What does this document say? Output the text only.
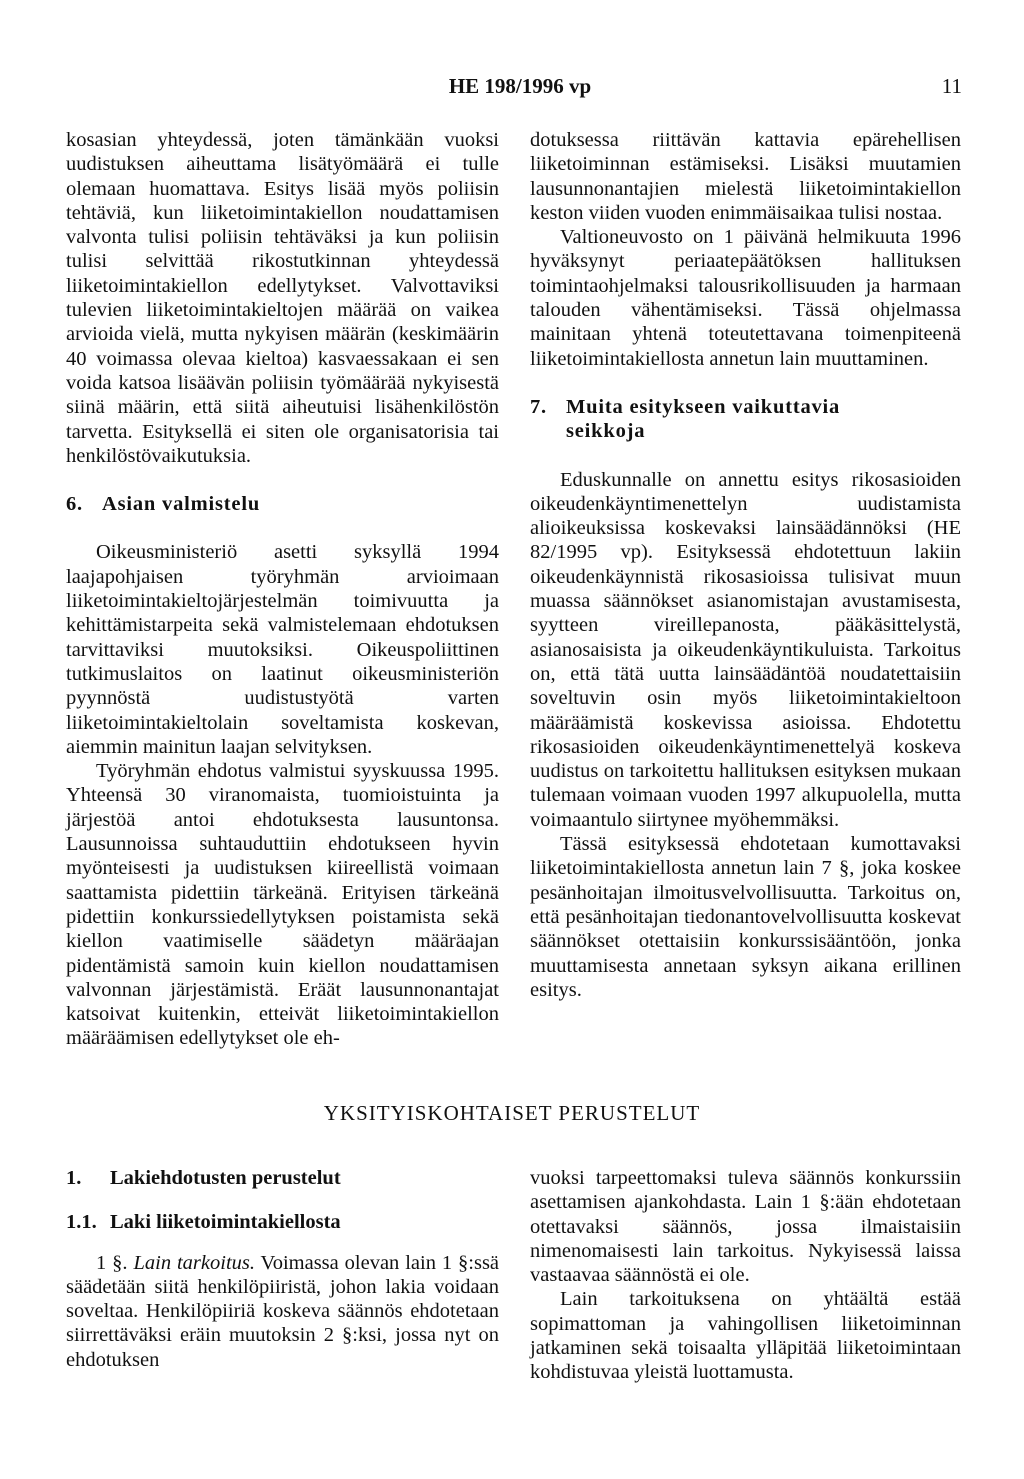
HE 198/1996 vp	11

kosasian yhteydessä, joten tämänkään vuoksi uudistuksen aiheuttama lisätyömäärä ei tulle olemaan huomattava. Esitys lisää myös poliisin tehtäviä, kun liiketoimintakiellon noudattamisen valvonta tulisi poliisin tehtäväksi ja kun poliisin tulisi selvittää rikostutkinnan yhteydessä liiketoimintakiellon edellytykset. Valvottaviksi tulevien liiketoimintakieltojen määrää on vaikea arvioida vielä, mutta nykyisen määrän (keskimäärin 40 voimassa olevaa kieltoa) kasvaessakaan ei sen voida katsoa lisäävän poliisin työmäärää nykyisestä siinä määrin, että siitä aiheutuisi lisähenkilöstön tarvetta. Esityksellä ei siten ole organisatorisia tai henkilöstövaikutuksia.

6. Asian valmistelu

Oikeusministeriö asetti syksyllä 1994 laajapohjaisen työryhmän arvioimaan liiketoimintakieltojärjestelmän toimivuutta ja kehittämistarpeita sekä valmistelemaan ehdotuksen tarvittaviksi muutoksiksi. Oikeuspoliittinen tutkimuslaitos on laatinut oikeusministeriön pyynnöstä uudistustyötä varten liiketoimintakieltolain soveltamista koskevan, aiemmin mainitun laajan selvityksen.

Työryhmän ehdotus valmistui syyskuussa 1995. Yhteensä 30 viranomaista, tuomioistuinta ja järjestöä antoi ehdotuksesta lausuntonsa. Lausunnoissa suhtauduttiin ehdotukseen hyvin myönteisesti ja uudistuksen kiireellistä voimaan saattamista pidettiin tärkeänä. Erityisen tärkeänä pidettiin konkurssiedellytyksen poistamista sekä kiellon vaatimiselle säädetyn määräajan pidentämistä samoin kuin kiellon noudattamisen valvonnan järjestämistä. Eräät lausunnonantajat katsoivat kuitenkin, etteivät liiketoimintakiellon määräämisen edellytykset ole eh-

dotuksessa riittävän kattavia epärehellisen liiketoiminnan estämiseksi. Lisäksi muutamien lausunnonantajien mielestä liiketoimintakiellon keston viiden vuoden enimmäisaikaa tulisi nostaa.

Valtioneuvosto on 1 päivänä helmikuuta 1996 hyväksynyt periaatepäätöksen hallituksen toimintaohjelmaksi talousrikollisuuden ja harmaan talouden vähentämiseksi. Tässä ohjelmassa mainitaan yhtenä toteutettavana toimenpiteenä liiketoimintakiellosta annetun lain muuttaminen.

7. Muita esitykseen vaikuttavia
seikkoja

Eduskunnalle on annettu esitys rikosasioiden oikeudenkäyntimenettelyn uudistamista alioikeuksissa koskevaksi lainsäädännöksi (HE 82/1995 vp). Esityksessä ehdotettuun lakiin oikeudenkäynnistä rikosasioissa tulisivat muun muassa säännökset asianomistajan avustamisesta, syytteen vireillepanosta, pääkäsittelystä, asianosaisista ja oikeudenkäyntikuluista. Tarkoitus on, että tätä uutta lainsäädäntöä noudatettaisiin soveltuvin osin myös liiketoimintakieltoon määräämistä koskevissa asioissa. Ehdotettu rikosasioiden oikeudenkäyntimenettelyä koskeva uudistus on tarkoitettu hallituksen esityksen mukaan tulemaan voimaan vuoden 1997 alkupuolella, mutta voimaantulo siirtynee myöhemmäksi.

Tässä esityksessä ehdotetaan kumottavaksi liiketoimintakiellosta annetun lain 7 §, joka koskee pesänhoitajan ilmoitusvelvollisuutta. Tarkoitus on, että pesänhoitajan tiedonantovelvollisuutta koskevat säännökset otettaisiin konkurssisääntöön, jonka muuttamisesta annetaan syksyn aikana erillinen esitys.

YKSITYISKOHTAISET PERUSTELUT
1.	Lakiehdotusten perustelut
1.1. Laki liiketoimintakiellosta

1 §. Lain tarkoitus. Voimassa olevan lain 1 §:ssä säädetään siitä henkilöpiiristä, johon lakia voidaan soveltaa. Henkilöpiiriä koskeva säännös ehdotetaan siirrettäväksi eräin muutoksin 2 §:ksi, jossa nyt on ehdotuksen

vuoksi tarpeettomaksi tuleva säännös konkurssiin asettamisen ajankohdasta. Lain 1 §:ään ehdotetaan otettavaksi säännös, jossa ilmaistaisiin nimenomaisesti lain tarkoitus. Nykyisessä laissa vastaavaa säännöstä ei ole.

Lain tarkoituksena on yhtäältä estää sopimattoman ja vahingollisen liiketoiminnan jatkaminen sekä toisaalta ylläpitää liiketoimintaan kohdistuvaa yleistä luottamusta.
